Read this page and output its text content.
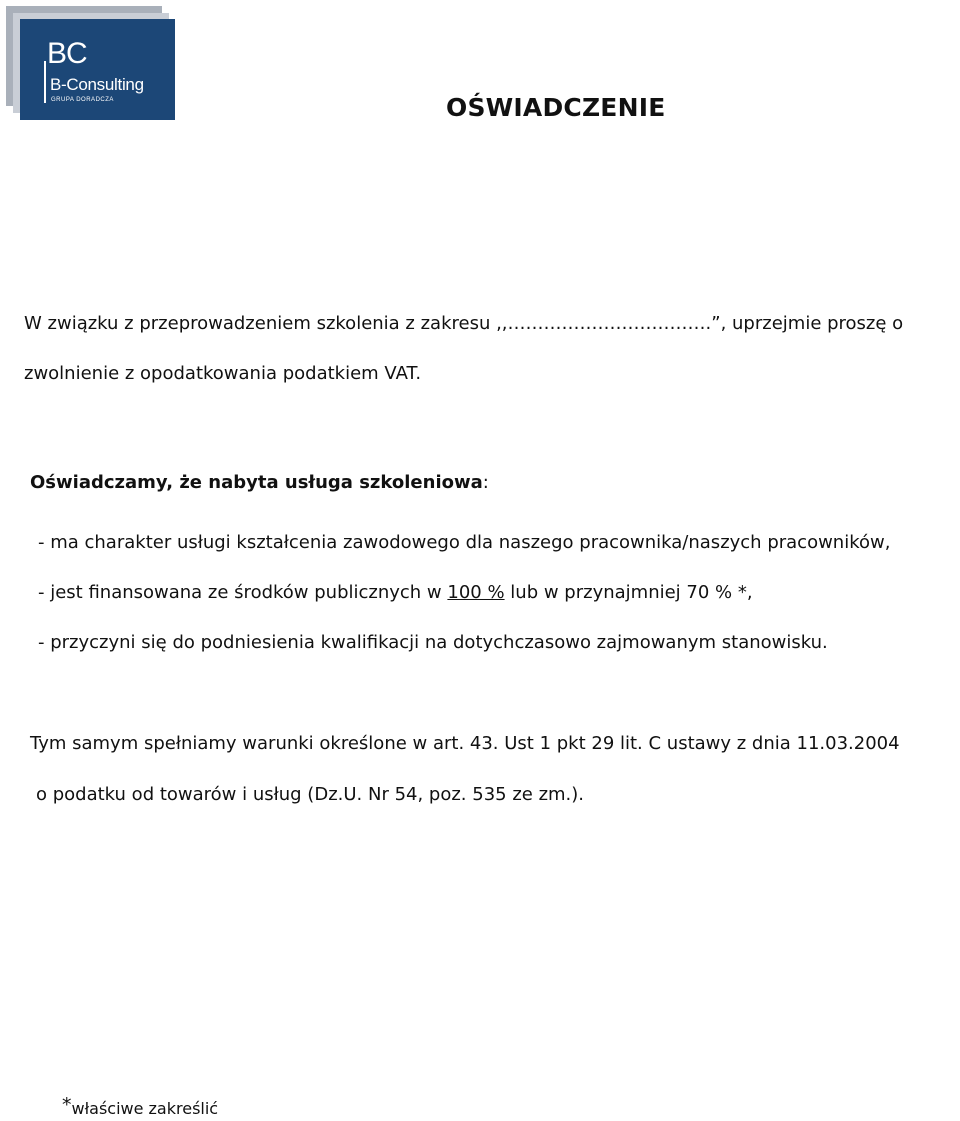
BC
B-Consulting
GRUPA DORADCZA	OŚWIADCZENIE
W związku z przeprowadzeniem szkolenia z zakresu ,,…………………………….”, uprzejmie proszę o
zwolnienie z opodatkowania podatkiem VAT.
Oświadczamy, że nabyta usługa szkoleniowa:
- ma charakter usługi kształcenia zawodowego dla naszego pracownika/naszych pracowników,
- jest finansowana ze środków publicznych w 100 % lub w przynajmniej 70 % *,
- przyczyni się do podniesienia kwalifikacji na dotychczasowo zajmowanym stanowisku.
Tym samym spełniamy warunki określone w art. 43. Ust 1 pkt 29 lit. C ustawy z dnia 11.03.2004
o podatku od towarów i usług (Dz.U. Nr 54, poz. 535 ze zm.).
*właściwe zakreślić
